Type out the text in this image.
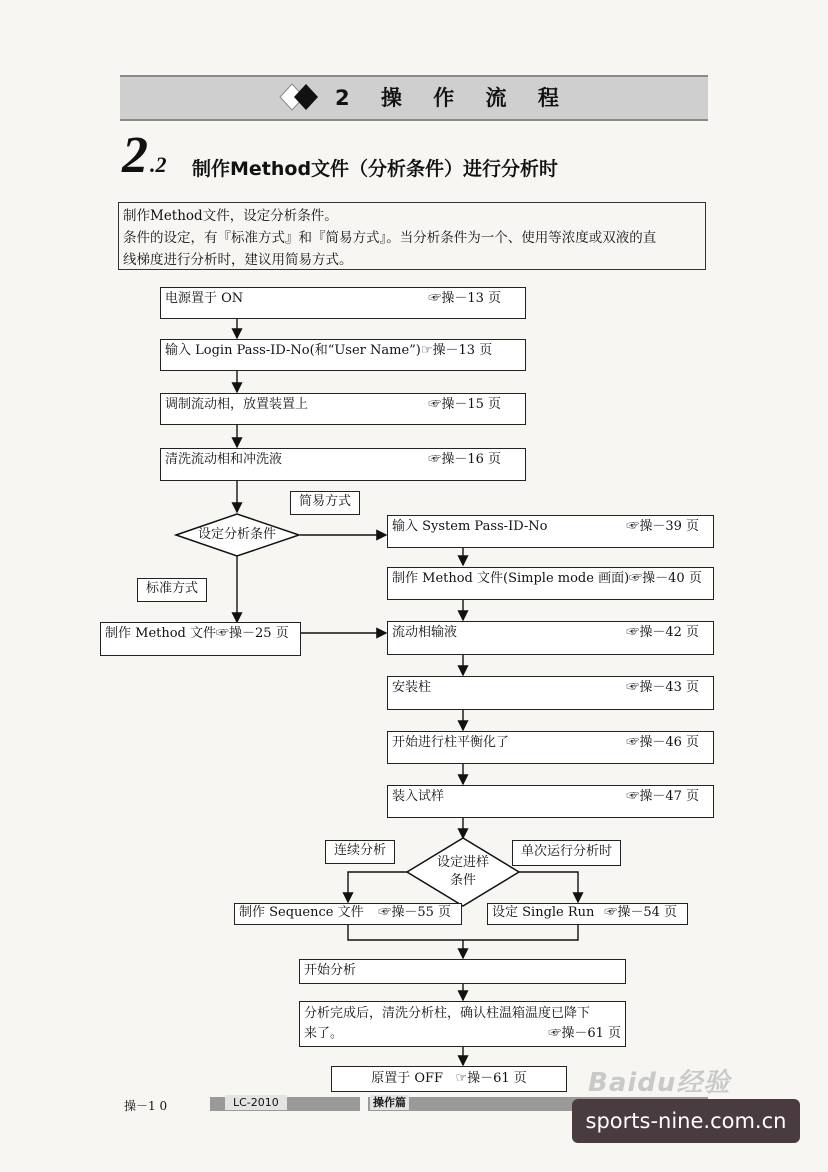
2 操 作 流 程
2 .2 制作Method文件（分析条件）进行分析时
制作Method文件，设定分析条件。
条件的设定，有『标准方式』和『简易方式』。当分析条件为一个、使用等浓度或双液的直
线梯度进行分析时，建议用简易方式。
电源置于 ON	☞操－13 页
输入 Login Pass-ID-No(和“User Name”)☞操－13 页
调制流动相，放置装置上	☞操－15 页
清洗流动相和冲洗液	☞操－16 页
设定分析条件
简易方式
标准方式
制作 Method 文件☞操－25 页
输入 System Pass-ID-No	☞操－39 页
制作 Method 文件(Simple mode 画面)☞操－40 页
流动相输液	☞操－42 页
安装柱	☞操－43 页
开始进行柱平衡化了	☞操－46 页
装入试样	☞操－47 页
设定进样
条件
连续分析	单次运行分析时
制作 Sequence 文件 ☞操－55 页	设定 Single Run ☞操－54 页
开始分析
分析完成后，清洗分析柱，确认柱温箱温度已降下
来了。	☞操－61 页
原置于 OFF ☞操－61 页
操－1 0	LC-2010	操作篇
Baidu经验
sports-nine.com.cn
